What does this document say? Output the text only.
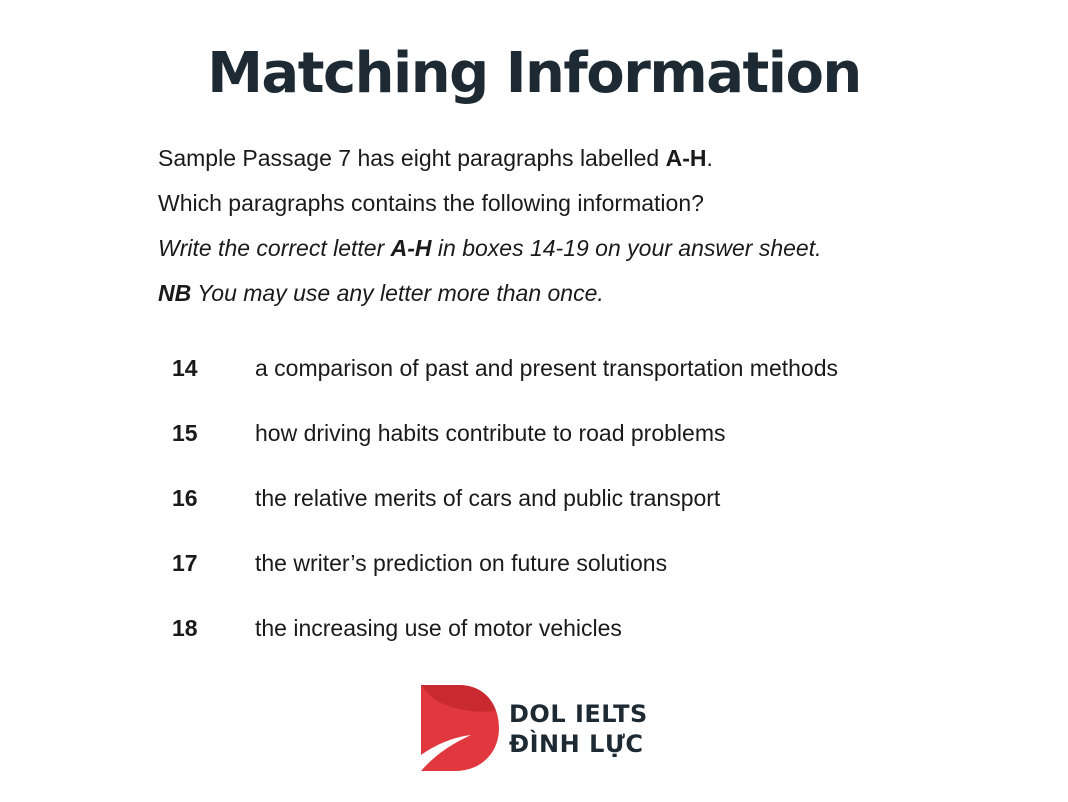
Matching Information
Sample Passage 7 has eight paragraphs labelled A-H.
Which paragraphs contains the following information?
Write the correct letter A-H in boxes 14-19 on your answer sheet.
NB You may use any letter more than once.
14	a comparison of past and present transportation methods
15	how driving habits contribute to road problems
16	the relative merits of cars and public transport
17	the writer’s prediction on future solutions
18	the increasing use of motor vehicles
DOL IELTS
ĐÌNH LỰC
